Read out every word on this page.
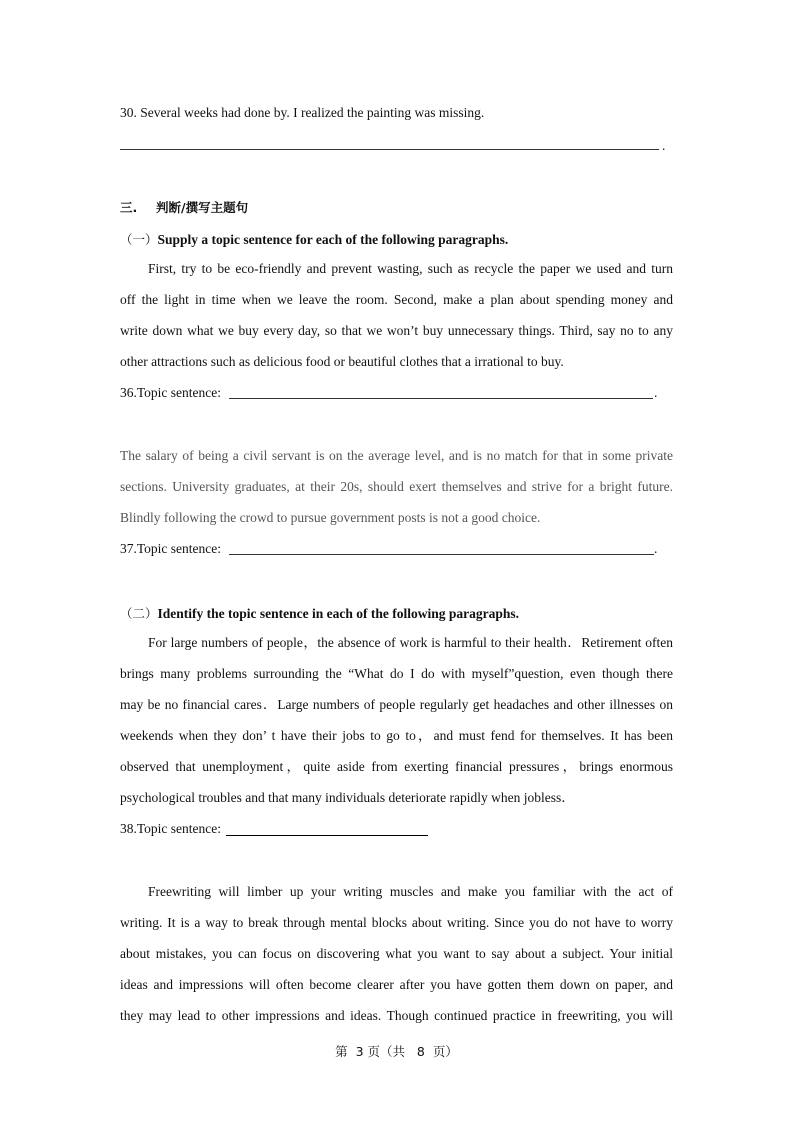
30. Several weeks had done by. I realized the painting was missing.
.
三. 判断/撰写主题句
（一）Supply a topic sentence for each of the following paragraphs.
First, try to be eco-friendly and prevent wasting, such as recycle the paper we used and turn
off the light in time when we leave the room. Second, make a plan about spending money and
write down what we buy every day, so that we won’t buy unnecessary things. Third, say no to any
other attractions such as delicious food or beautiful clothes that a irrational to buy.
36.Topic sentence:	.
The salary of being a civil servant is on the average level, and is no match for that in some private
sections. University graduates, at their 20s, should exert themselves and strive for a bright future.
Blindly following the crowd to pursue government posts is not a good choice.
37.Topic sentence:	.
（二）Identify the topic sentence in each of the following paragraphs.
For large numbers of people，the absence of work is harmful to their health．Retirement often
brings many problems surrounding the “What do I do with myself”question, even though there
may be no financial cares．Large numbers of people regularly get headaches and other illnesses on
weekends when they don’ t have their jobs to go to，and must fend for themselves. It has been
observed that unemployment，quite aside from exerting financial pressures，brings enormous
psychological troubles and that many individuals deteriorate rapidly when jobless．
38.Topic sentence:
Freewriting will limber up your writing muscles and make you familiar with the act of
writing. It is a way to break through mental blocks about writing. Since you do not have to worry
about mistakes, you can focus on discovering what you want to say about a subject. Your initial
ideas and impressions will often become clearer after you have gotten them down on paper, and
they may lead to other impressions and ideas. Though continued practice in freewriting, you will
第  3 页（共   8  页）
